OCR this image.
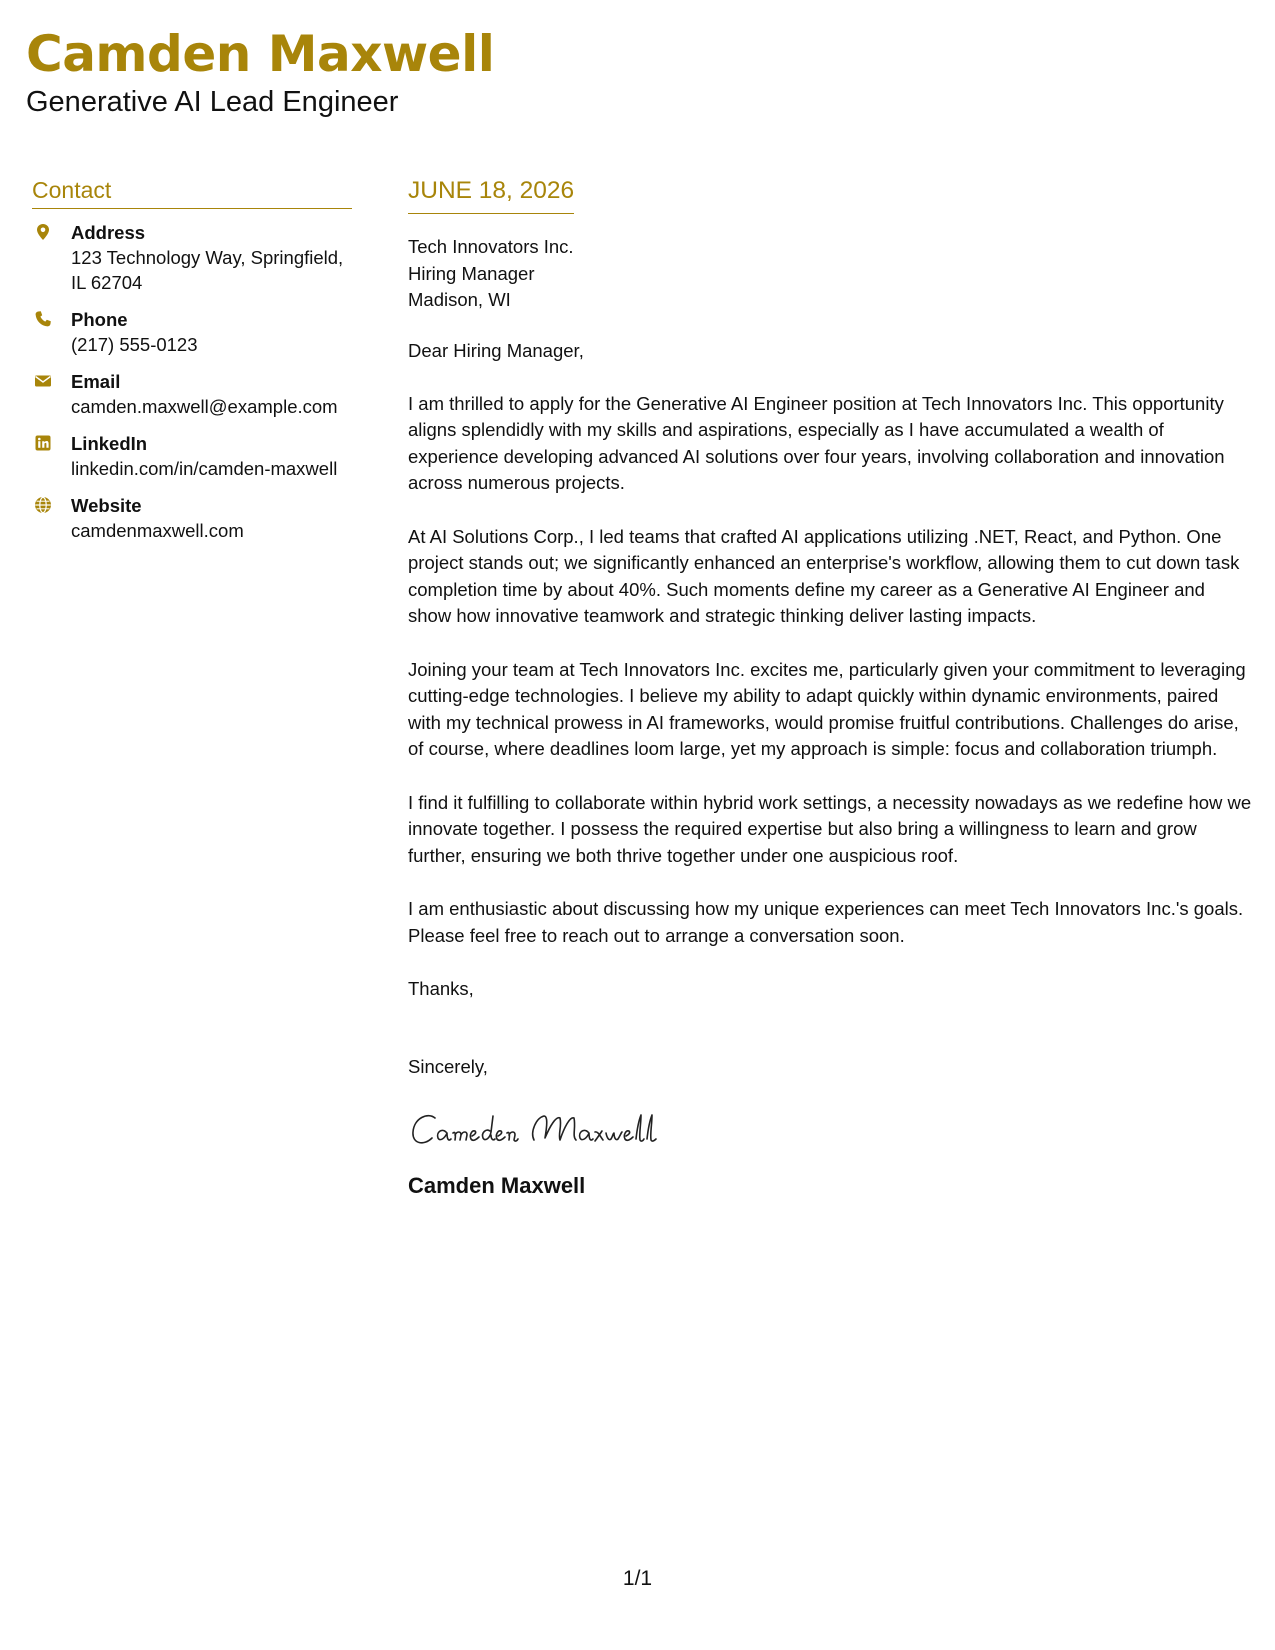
Camden Maxwell
Generative AI Lead Engineer
Contact
Address
123 Technology Way, Springfield, IL 62704
Phone
(217) 555-0123
Email
camden.maxwell@example.com
LinkedIn
linkedin.com/in/camden-maxwell
Website
camdenmaxwell.com
JUNE 18, 2026
Tech Innovators Inc.
Hiring Manager
Madison, WI
Dear Hiring Manager,

I am thrilled to apply for the Generative AI Engineer position at Tech Innovators Inc. This opportunity aligns splendidly with my skills and aspirations, especially as I have accumulated a wealth of experience developing advanced AI solutions over four years, involving collaboration and innovation across numerous projects.

At AI Solutions Corp., I led teams that crafted AI applications utilizing .NET, React, and Python. One project stands out; we significantly enhanced an enterprise's workflow, allowing them to cut down task completion time by about 40%. Such moments define my career as a Generative AI Engineer and show how innovative teamwork and strategic thinking deliver lasting impacts.

Joining your team at Tech Innovators Inc. excites me, particularly given your commitment to leveraging cutting-edge technologies. I believe my ability to adapt quickly within dynamic environments, paired with my technical prowess in AI frameworks, would promise fruitful contributions. Challenges do arise, of course, where deadlines loom large, yet my approach is simple: focus and collaboration triumph.

I find it fulfilling to collaborate within hybrid work settings, a necessity nowadays as we redefine how we innovate together. I possess the required expertise but also bring a willingness to learn and grow further, ensuring we both thrive together under one auspicious roof.

I am enthusiastic about discussing how my unique experiences can meet Tech Innovators Inc.'s goals. Please feel free to reach out to arrange a conversation soon.

Thanks,
Sincerely,
Camden Maxwell
1/1
